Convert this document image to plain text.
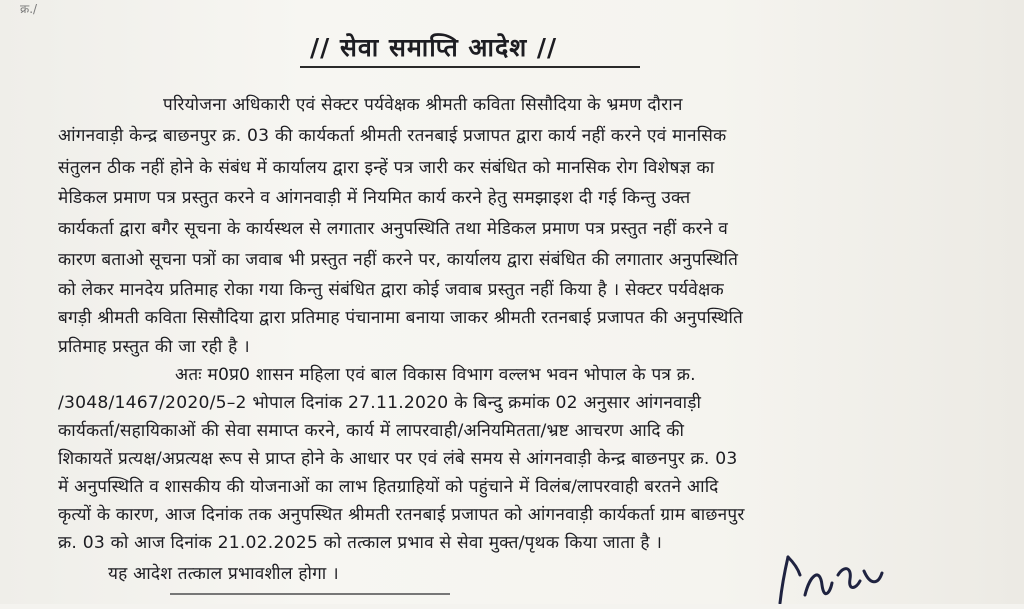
क्र./
// सेवा समाप्ति आदेश //
परियोजना अधिकारी एवं सेक्टर पर्यवेक्षक श्रीमती कविता सिसौदिया के भ्रमण दौरान
आंगनवाड़ी केन्द्र बाछनपुर क्र. 03 की कार्यकर्ता श्रीमती रतनबाई प्रजापत द्वारा कार्य नहीं करने एवं मानसिक
संतुलन ठीक नहीं होने के संबंध में कार्यालय द्वारा इन्हें पत्र जारी कर संबंधित को मानसिक रोग विशेषज्ञ का
मेडिकल प्रमाण पत्र प्रस्तुत करने व आंगनवाड़ी में नियमित कार्य करने हेतु समझाइश दी गई किन्तु उक्त
कार्यकर्ता द्वारा बगैर सूचना के कार्यस्थल से लगातार अनुपस्थिति तथा मेडिकल प्रमाण पत्र प्रस्तुत नहीं करने व
कारण बताओ सूचना पत्रों का जवाब भी प्रस्तुत नहीं करने पर, कार्यालय द्वारा संबंधित की लगातार अनुपस्थिति
को लेकर मानदेय प्रतिमाह रोका गया किन्तु संबंधित द्वारा कोई जवाब प्रस्तुत नहीं किया है । सेक्टर पर्यवेक्षक
बगड़ी श्रीमती कविता सिसौदिया द्वारा प्रतिमाह पंचानामा बनाया जाकर श्रीमती रतनबाई प्रजापत की अनुपस्थिति
प्रतिमाह प्रस्तुत की जा रही है ।
अतः म0प्र0 शासन महिला एवं बाल विकास विभाग वल्लभ भवन भोपाल के पत्र क्र.
/3048/1467/2020/5–2 भोपाल दिनांक 27.11.2020 के बिन्दु क्रमांक 02 अनुसार आंगनवाड़ी
कार्यकर्ता/सहायिकाओं की सेवा समाप्त करने, कार्य में लापरवाही/अनियमितता/भ्रष्ट आचरण आदि की
शिकायतें प्रत्यक्ष/अप्रत्यक्ष रूप से प्राप्त होने के आधार पर एवं लंबे समय से आंगनवाड़ी केन्द्र बाछनपुर क्र. 03
में अनुपस्थिति व शासकीय की योजनाओं का लाभ हितग्राहियों को पहुंचाने में विलंब/लापरवाही बरतने आदि
कृत्यों के कारण, आज दिनांक तक अनुपस्थित श्रीमती रतनबाई प्रजापत को आंगनवाड़ी कार्यकर्ता ग्राम बाछनपुर
क्र. 03 को आज दिनांक 21.02.2025 को तत्काल प्रभाव से सेवा मुक्त/पृथक किया जाता है ।
यह आदेश तत्काल प्रभावशील होगा ।
